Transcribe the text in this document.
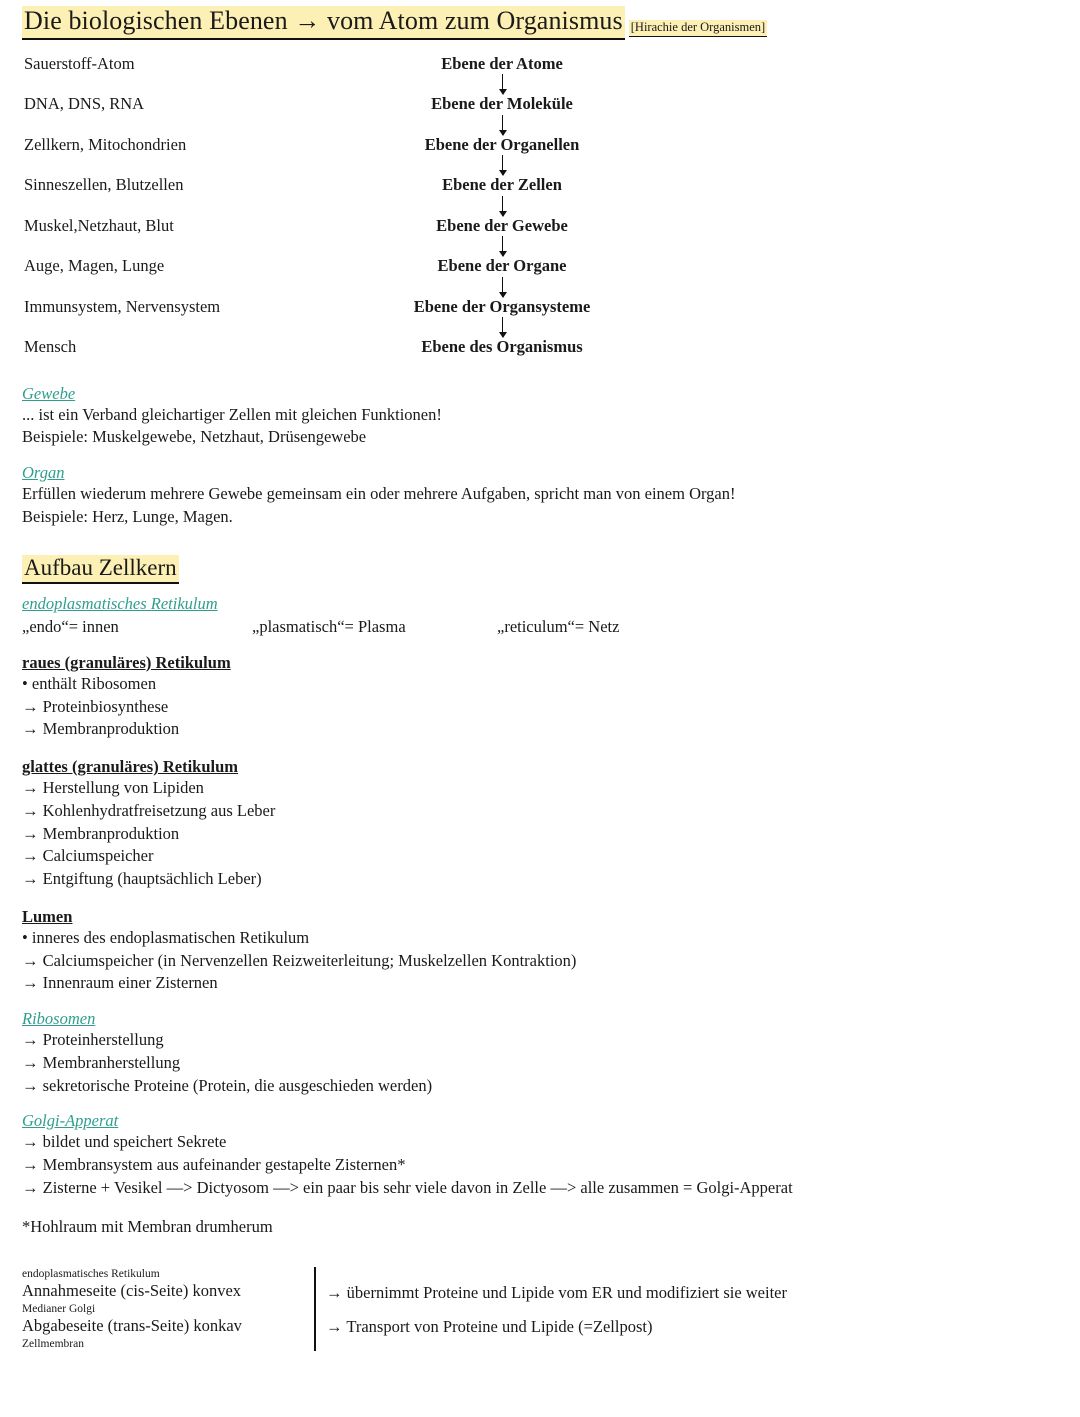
Die biologischen Ebenen → vom Atom zum Organismus [Hirachie der Organismen]
Sauerstoff-Atom	Ebene der Atome
DNA, DNS, RNA	Ebene der Moleküle
Zellkern, Mitochondrien	Ebene der Organellen
Sinneszellen, Blutzellen	Ebene der Zellen
Muskel,Netzhaut, Blut	Ebene der Gewebe
Auge, Magen, Lunge	Ebene der Organe
Immunsystem, Nervensystem	Ebene der Organsysteme
Mensch	Ebene des Organismus
Gewebe
... ist ein Verband gleichartiger Zellen mit gleichen Funktionen!
Beispiele: Muskelgewebe, Netzhaut, Drüsengewebe
Organ
Erfüllen wiederum mehrere Gewebe gemeinsam ein oder mehrere Aufgaben, spricht man von einem Organ!
Beispiele: Herz, Lunge, Magen.
Aufbau Zellkern
endoplasmatisches Retikulum
„endo“= innen	„plasmatisch“= Plasma	„reticulum“= Netz
raues (granuläres) Retikulum
• enthält Ribosomen
→ Proteinbiosynthese
→ Membranproduktion
glattes (granuläres) Retikulum
→ Herstellung von Lipiden
→ Kohlenhydratfreisetzung aus Leber
→ Membranproduktion
→ Calciumspeicher
→ Entgiftung (hauptsächlich Leber)
Lumen
• inneres des endoplasmatischen Retikulum
→ Calciumspeicher (in Nervenzellen Reizweiterleitung; Muskelzellen Kontraktion)
→ Innenraum einer Zisternen
Ribosomen
→ Proteinherstellung
→ Membranherstellung
→ sekretorische Proteine (Protein, die ausgeschieden werden)
Golgi-Apperat
→ bildet und speichert Sekrete
→ Membransystem aus aufeinander gestapelte Zisternen*
→ Zisterne + Vesikel —> Dictyosom —> ein paar bis sehr viele davon in Zelle —> alle zusammen = Golgi-Apperat
*Hohlraum mit Membran drumherum
endoplasmatisches Retikulum
Annahmeseite (cis-Seite) konvex
Medianer Golgi
Abgabeseite (trans-Seite) konkav
Zellmembran
→ übernimmt Proteine und Lipide vom ER und modifiziert sie weiter
→ Transport von Proteine und Lipide (=Zellpost)
